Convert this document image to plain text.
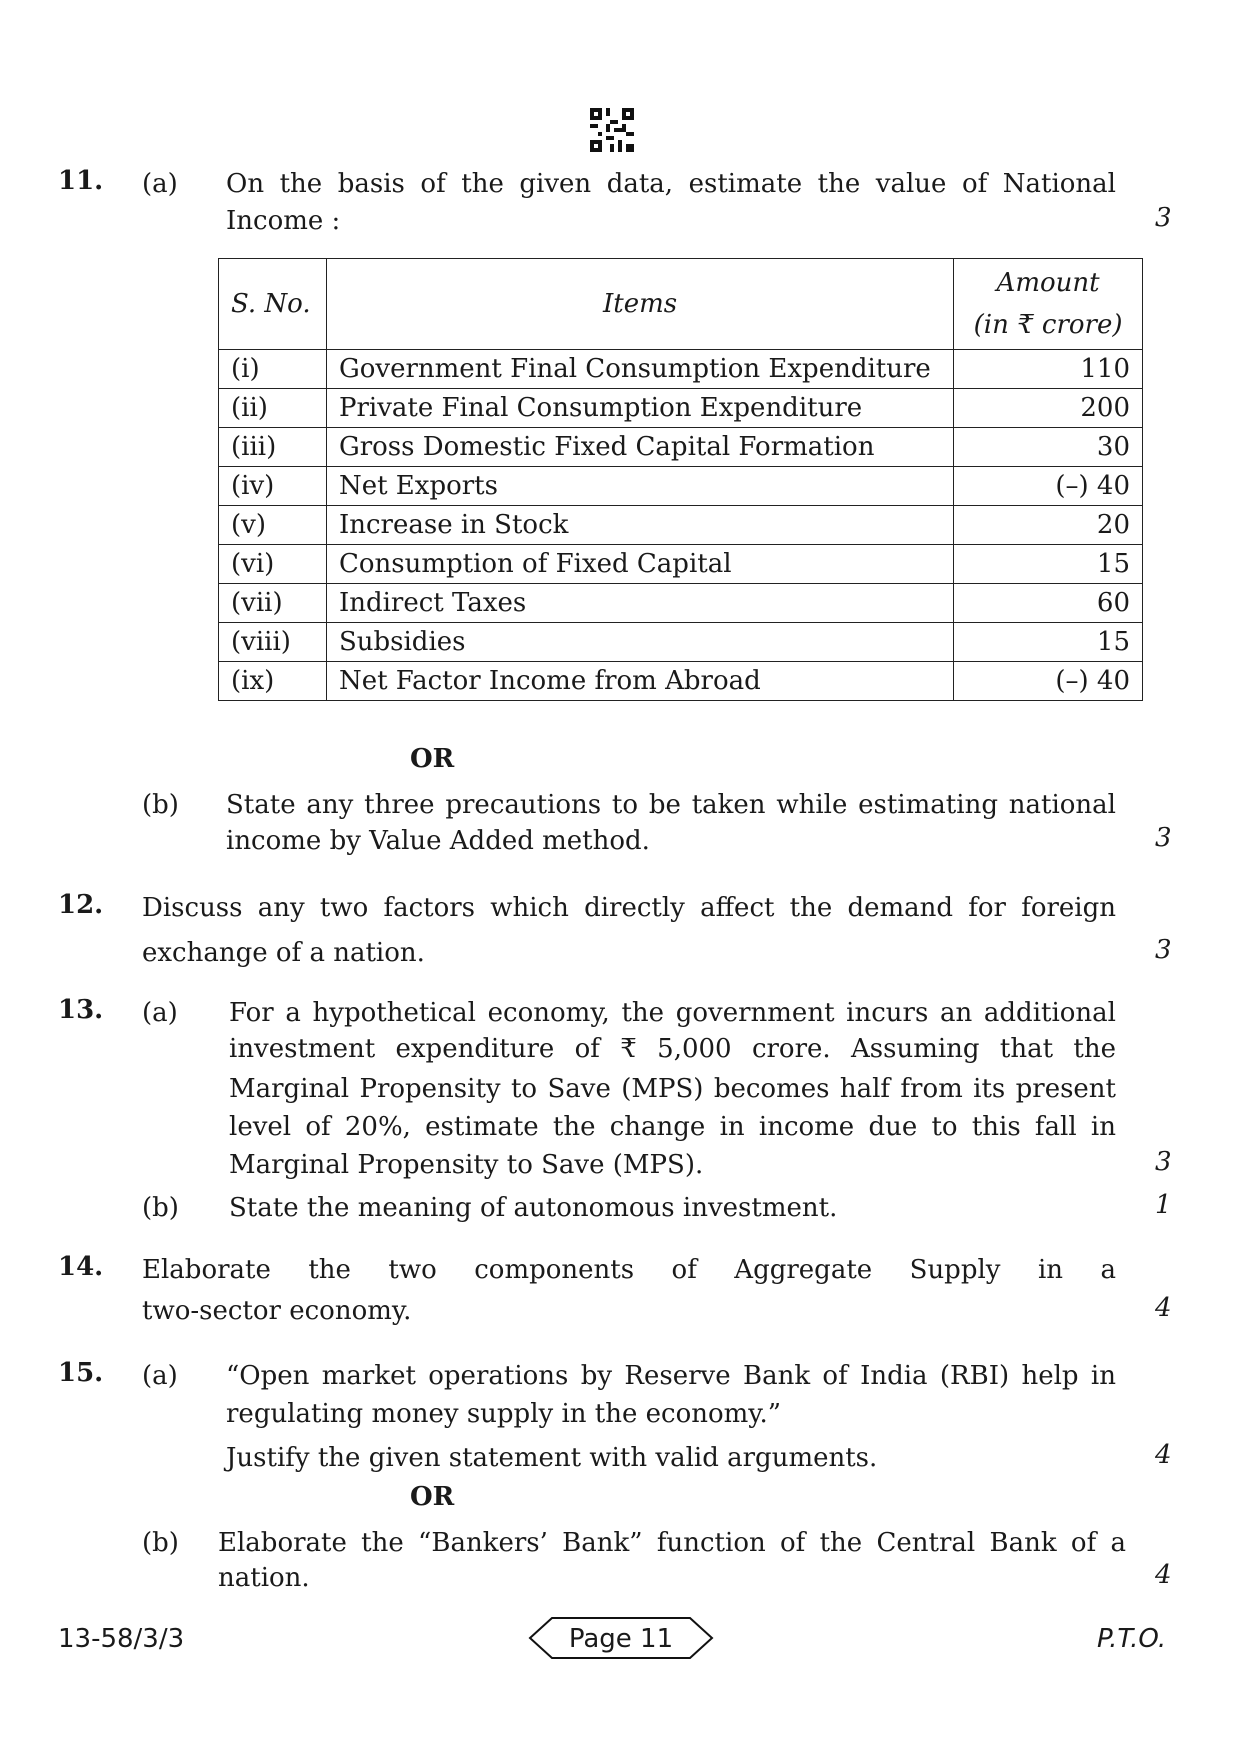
11. (a) On the basis of the given data, estimate the value of National
Income :	3
S. No.	Items	Amount
(in ₹ crore)

(i)	Government Final Consumption Expenditure	110
(ii)	Private Final Consumption Expenditure	200
(iii)	Gross Domestic Fixed Capital Formation	30
(iv)	Net Exports	(–) 40
(v)	Increase in Stock	20
(vi)	Consumption of Fixed Capital	15
(vii)	Indirect Taxes	60
(viii)	Subsidies	15
(ix)	Net Factor Income from Abroad	(–) 40
OR
(b) State any three precautions to be taken while estimating national
income by Value Added method.	3
12. Discuss any two factors which directly affect the demand for foreign
exchange of a nation.	3
13. (a) For a hypothetical economy, the government incurs an additional
investment expenditure of ₹ 5,000 crore. Assuming that the
Marginal Propensity to Save (MPS) becomes half from its present
level of 20%, estimate the change in income due to this fall in
Marginal Propensity to Save (MPS).	3
(b) State the meaning of autonomous investment.	1
14. Elaborate the two components of Aggregate Supply in a
two-sector economy.	4
15. (a) “Open market operations by Reserve Bank of India (RBI) help in
regulating money supply in the economy.”
Justify the given statement with valid arguments.	4
OR
(b) Elaborate the “Bankers’ Bank” function of the Central Bank of a
nation.	4
13-58/3/3	Page 11	P.T.O.
